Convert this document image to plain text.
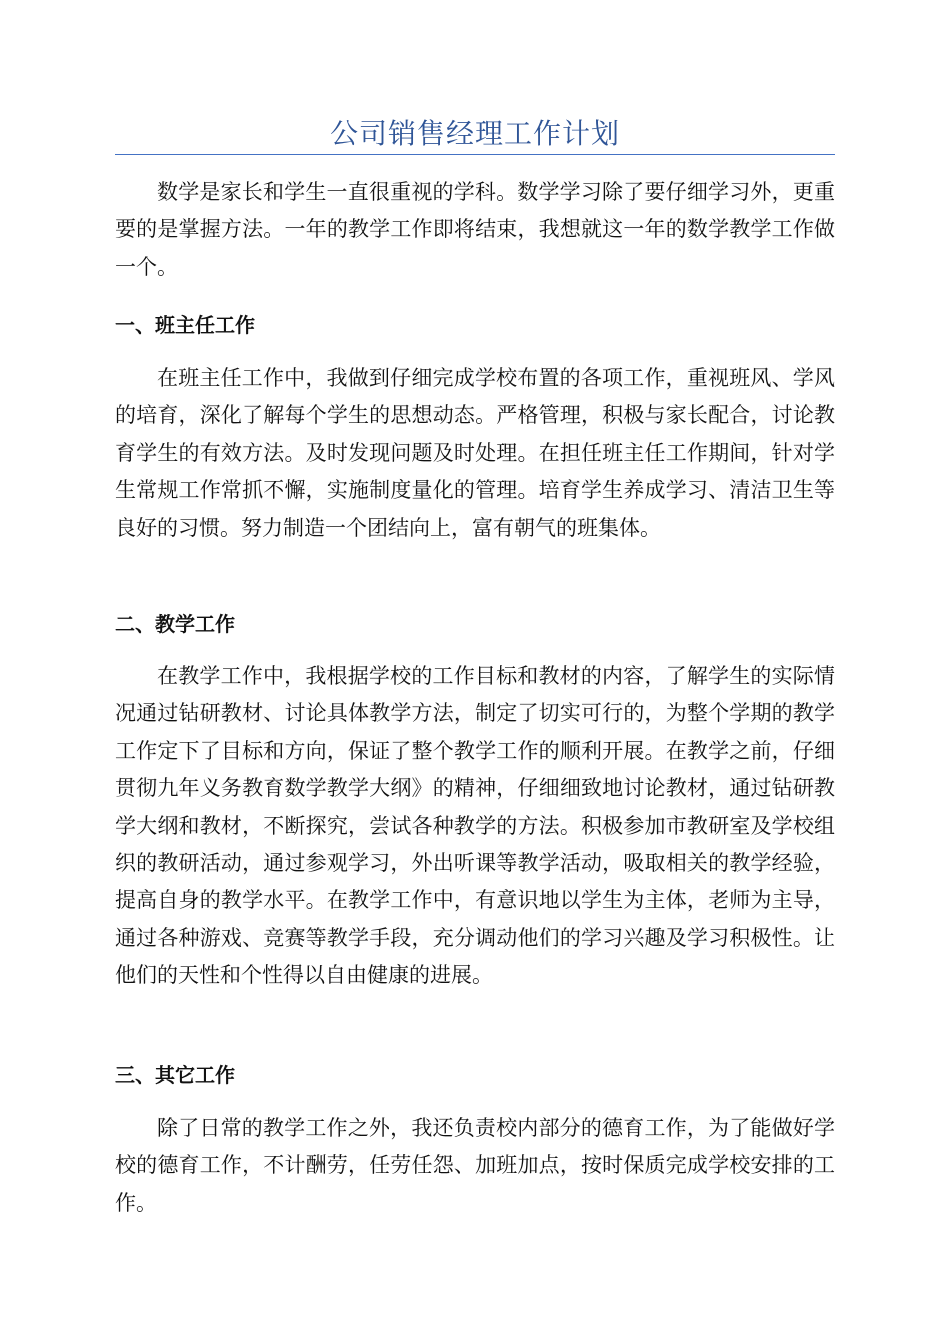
公司销售经理工作计划

数学是家长和学生一直很重视的学科。数学学习除了要仔细学习外，更重要的是掌握方法。一年的教学工作即将结束，我想就这一年的数学教学工作做一个。

一、班主任工作

在班主任工作中，我做到仔细完成学校布置的各项工作，重视班风、学风的培育，深化了解每个学生的思想动态。严格管理，积极与家长配合，讨论教育学生的有效方法。及时发现问题及时处理。在担任班主任工作期间，针对学生常规工作常抓不懈，实施制度量化的管理。培育学生养成学习、清洁卫生等良好的习惯。努力制造一个团结向上，富有朝气的班集体。

二、教学工作

在教学工作中，我根据学校的工作目标和教材的内容，了解学生的实际情况通过钻研教材、讨论具体教学方法，制定了切实可行的，为整个学期的教学工作定下了目标和方向，保证了整个教学工作的顺利开展。在教学之前，仔细贯彻九年义务教育数学教学大纲》的精神，仔细细致地讨论教材，通过钻研教学大纲和教材，不断探究，尝试各种教学的方法。积极参加市教研室及学校组织的教研活动，通过参观学习，外出听课等教学活动，吸取相关的教学经验，提高自身的教学水平。在教学工作中，有意识地以学生为主体，老师为主导，通过各种游戏、竞赛等教学手段，充分调动他们的学习兴趣及学习积极性。让他们的天性和个性得以自由健康的进展。

三、其它工作

除了日常的教学工作之外，我还负责校内部分的德育工作，为了能做好学校的德育工作，不计酬劳，任劳任怨、加班加点，按时保质完成学校安排的工作。
